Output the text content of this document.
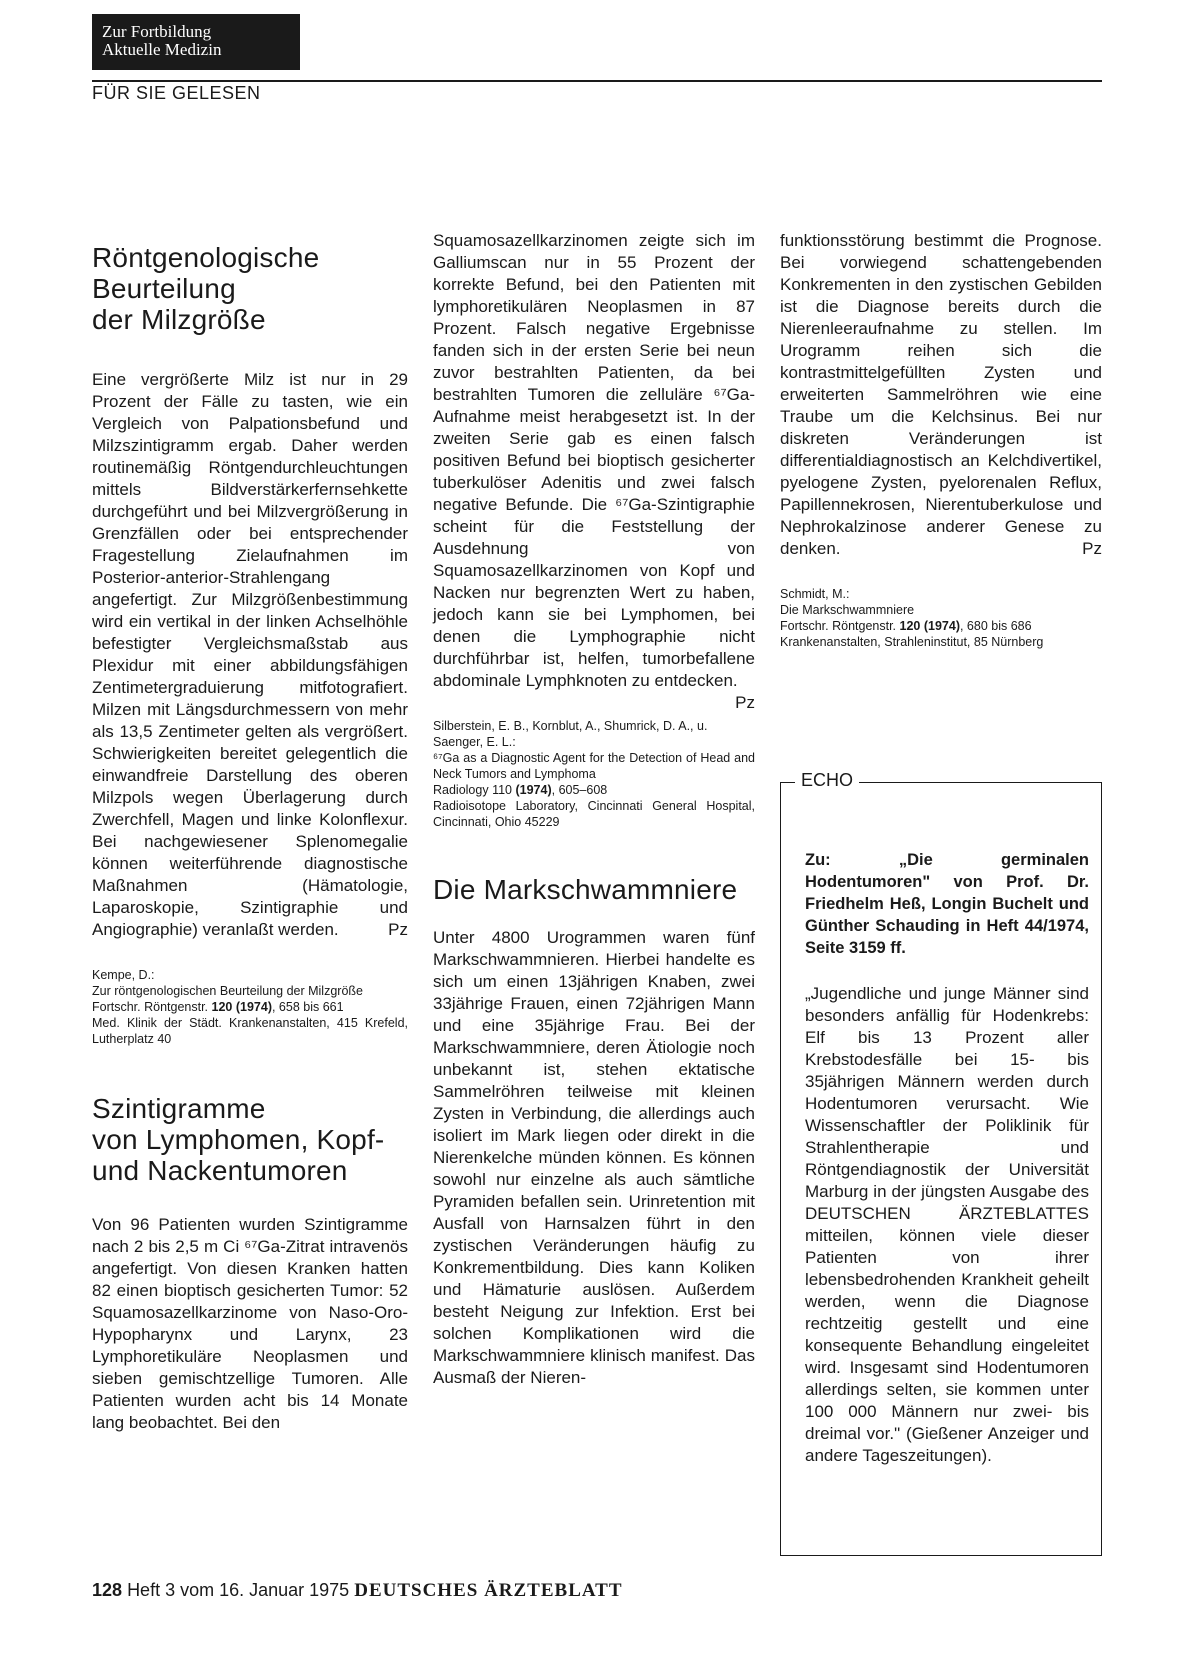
Zur Fortbildung
Aktuelle Medizin
FÜR SIE GELESEN
Röntgenologische
Beurteilung
der Milzgröße

Eine vergrößerte Milz ist nur in 29 Prozent der Fälle zu tasten, wie ein Vergleich von Palpationsbefund und Milzszintigramm ergab. Daher werden routinemäßig Röntgendurchleuchtungen mittels Bildverstärkerfernsehkette durchgeführt und bei Milzvergrößerung in Grenzfällen oder bei entsprechender Fragestellung Zielaufnahmen im Posterior-anterior-Strahlengang angefertigt. Zur Milzgrößenbestimmung wird ein vertikal in der linken Achselhöhle befestigter Vergleichsmaßstab aus Plexidur mit einer abbildungsfähigen Zentimetergraduierung mitfotografiert. Milzen mit Längsdurchmessern von mehr als 13,5 Zentimeter gelten als vergrößert. Schwierigkeiten bereitet gelegentlich die einwandfreie Darstellung des oberen Milzpols wegen Überlagerung durch Zwerchfell, Magen und linke Kolonflexur. Bei nachgewiesener Splenomegalie können weiterführende diagnostische Maßnahmen (Hämatologie, Laparoskopie, Szintigraphie und Angiographie) veranlaßt werden.	Pz

Kempe, D.:

Zur röntgenologischen Beurteilung der Milzgröße

Fortschr. Röntgenstr. 120 (1974), 658 bis 661

Med. Klinik der Städt. Krankenanstalten, 415 Krefeld, Lutherplatz 40

Szintigramme
von Lymphomen, Kopf-
und Nackentumoren

Von 96 Patienten wurden Szintigramme nach 2 bis 2,5 m Ci ⁶⁷Ga-Zitrat intravenös angefertigt. Von diesen Kranken hatten 82 einen bioptisch gesicherten Tumor: 52 Squamosazellkarzinome von Naso-Oro-Hypopharynx und Larynx, 23 Lymphoretikuläre Neoplasmen und sieben gemischtzellige Tumoren. Alle Patienten wurden acht bis 14 Monate lang beobachtet. Bei den

Squamosazellkarzinomen zeigte sich im Galliumscan nur in 55 Prozent der korrekte Befund, bei den Patienten mit lymphoretikulären Neoplasmen in 87 Prozent. Falsch negative Ergebnisse fanden sich in der ersten Serie bei neun zuvor bestrahlten Patienten, da bei bestrahlten Tumoren die zelluläre ⁶⁷Ga-Aufnahme meist herabgesetzt ist. In der zweiten Serie gab es einen falsch positiven Befund bei bioptisch gesicherter tuberkulöser Adenitis und zwei falsch negative Befunde. Die ⁶⁷Ga-Szintigraphie scheint für die Feststellung der Ausdehnung von Squamosazellkarzinomen von Kopf und Nacken nur begrenzten Wert zu haben, jedoch kann sie bei Lymphomen, bei denen die Lymphographie nicht durchführbar ist, helfen, tumorbefallene abdominale Lymphknoten zu entdecken.
Pz

Silberstein, E. B., Kornblut, A., Shumrick, D. A., u. Saenger, E. L.:

⁶⁷Ga as a Diagnostic Agent for the Detection of Head and Neck Tumors and Lymphoma

Radiology 110 (1974), 605–608

Radioisotope Laboratory, Cincinnati General Hospital, Cincinnati, Ohio 45229

Die Markschwammniere

Unter 4800 Urogrammen waren fünf Markschwammnieren. Hierbei handelte es sich um einen 13jährigen Knaben, zwei 33jährige Frauen, einen 72jährigen Mann und eine 35jährige Frau. Bei der Markschwammniere, deren Ätiologie noch unbekannt ist, stehen ektatische Sammelröhren teilweise mit kleinen Zysten in Verbindung, die allerdings auch isoliert im Mark liegen oder direkt in die Nierenkelche münden können. Es können sowohl nur einzelne als auch sämtliche Pyramiden befallen sein. Urinretention mit Ausfall von Harnsalzen führt in den zystischen Veränderungen häufig zu Konkrementbildung. Dies kann Koliken und Hämaturie auslösen. Außerdem besteht Neigung zur Infektion. Erst bei solchen Komplikationen wird die Markschwammniere klinisch manifest. Das Ausmaß der Nieren-

funktionsstörung bestimmt die Prognose. Bei vorwiegend schattengebenden Konkrementen in den zystischen Gebilden ist die Diagnose bereits durch die Nierenleeraufnahme zu stellen. Im Urogramm reihen sich die kontrastmittelgefüllten Zysten und erweiterten Sammelröhren wie eine Traube um die Kelchsinus. Bei nur diskreten Veränderungen ist differentialdiagnostisch an Kelchdivertikel, pyelogene Zysten, pyelorenalen Reflux, Papillennekrosen, Nierentuberkulose und Nephrokalzinose anderer Genese zu denken.	Pz

Schmidt, M.:

Die Markschwammniere

Fortschr. Röntgenstr. 120 (1974), 680 bis 686

Krankenanstalten, Strahleninstitut, 85 Nürnberg

ECHO

Zu: „Die germinalen Hodentumoren" von Prof. Dr. Friedhelm Heß, Longin Buchelt und Günther Schauding in Heft 44/1974, Seite 3159 ff.

„Jugendliche und junge Männer sind besonders anfällig für Hodenkrebs: Elf bis 13 Prozent aller Krebstodesfälle bei 15- bis 35jährigen Männern werden durch Hodentumoren verursacht. Wie Wissenschaftler der Poliklinik für Strahlentherapie und Röntgendiagnostik der Universität Marburg in der jüngsten Ausgabe des DEUTSCHEN ÄRZTEBLATTES mitteilen, können viele dieser Patienten von ihrer lebensbedrohenden Krankheit geheilt werden, wenn die Diagnose rechtzeitig gestellt und eine konsequente Behandlung eingeleitet wird. Insgesamt sind Hodentumoren allerdings selten, sie kommen unter 100 000 Männern nur zwei- bis dreimal vor." (Gießener Anzeiger und andere Tageszeitungen).

128 Heft 3 vom 16. Januar 1975 DEUTSCHES ÄRZTEBLATT
